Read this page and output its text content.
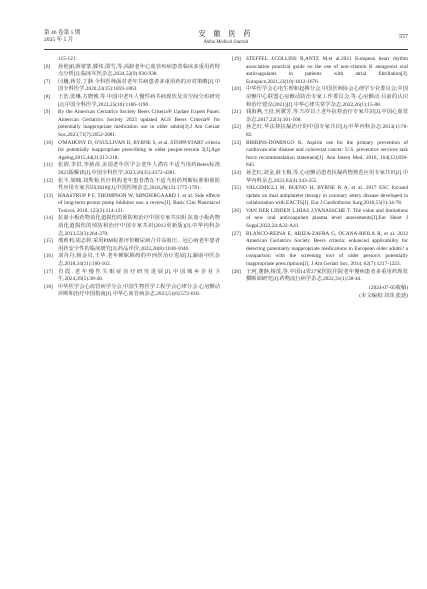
第 46 卷第 5 期
2025 年 5 月
安 徽 医 药
Anhui Medical Journal
557
115-121.
[6]	孙艳丽,薛蒙蒙,滕伟,邵雪,等.高龄老年心血管疾病患者临床多重用药特点分析[J].临床军医杂志,2024,52(9):936-938.
[7]	闫巍,蒋芳,丁静.全科医师面对老年共病患者多重用药的应对策略[J].中国全科医学,2020,23(15):1859-1863.
[8]	王浩,张琳,方晓雅,等.中国中老年人慢性病共病现状及其空间分布研究[J].中国全科医学,2022,25(10):1186-1190.
[9]	By the American Geriatrics Society Beers Criteria® Update Expert Panel. American Geriatrics Society 2023 updated AGS Beers Criteria® for potentially inappropriate medication use in older adults[J].J Am Geriatr Soc,2023,71(7):2052-2081.
[10] O'MAHONY D, O'SULLIVAN D, BYRNE S, et al. STOPP/START criteria for potentially inappropriate prescribing in older people:version 2[J].Age Ageing,2015,44(2):213-218.
[11]	张倩,李洪,李新苗,美国老年医学会老年人潜在不适当用药Beers标准2023版解读[J].中国全科医学,2023,26(35):4372-4381.
[12] 张平,梁楠,刘秀菊.医疗机构老年患者潜在不适当用药判断标准和预防性应用专家共识(2018)[J].中国医师杂志,2018,20(12):1775-1781.
[13] HAASTRUP P F, THOMPSON W, SØNDERGAARD J, et al. Side effects of long-term proton pump inhibitor use: a review[J]. Basic Clin Pharmacol Toxicol, 2018, 123(2):114-121.
[14] 抗血小板药物消化道损伤的预防和治疗中国专家共识组.抗血小板药物消化道损伤的预防和治疗中国专家共识(2012更新版)[J].中华内科杂志,2013,52(3):264-270.
[15] 邢莉莉,胡志婷.采用PIM标准评价糖尿病合并高血压、冠心病老年患者用药安全性的临床研究[J].药品评价,2023,20(8):1038-1040.
[16] 刘丹丹,杨金贝,王华.老年睡眠障碍的中西医治疗进展[J].湖南中医杂志,2018,34(11):160-162.
[17] 肖霞.老年慢性失眠症治疗研究进展[J].中国城乡企业卫生,2024,39(5):38-40.
[18] 中华医学会心血管病学分会,中国生物医学工程学会心律分会.心房颤动诊断和治疗中国指南[J].中华心血管病杂志,2023,51(6):572-618.
[19] STEFFEL J,COLLINS R,ANTZ M,et al.2021 European heart rhythm association practical guide on the use of non-vitamin K antagonist oral anticoagulants in patients with atrial fibrillation[J]. Europace,2021,23(10):1612-1676.
[20] 中华医学会心电生理和起搏分会,中国医师协会心律学专业委员会,中国房颤中心联盟心房颤动防治专家工作委员会,等.心房颤动:目前的认识和治疗建议(2021)[J].中华心律失常学杂志,2022,26(1):15-88.
[21] 钱海燕,王征,何翼芳,等.75岁以上老年抗栓治疗专家共识[J].中国心血管杂志,2017,22(3):161-168.
[22] 孙艺红.华法林抗凝治疗的中国专家共识[J].中华内科杂志,2013(1):76-82.
[23] BIBBINS-DOMINGO K. Aspirin use for the primary prevention of cardiovascular disease and colorectal cancer: U.S. preventive services task force recommendation statement[J]. Ann Intern Med, 2016, 164(12):836-845.
[24] 孙艺红,刘金,薛玉梅,等.心房颤动患者抗凝药物规范应用专家共识[J].中华内科杂志,2023,62(4):343-355.
[25] VALGIMIGLI M, BUENO H, BYRNE R A, et al. 2017 ESC focused update on dual antiplatelet therapy in coronary artery disease developed in collaboration with EACTS[J]. Eur J Cardiothorac Surg,2018,53(1):34-78.
[26] VAN DER LINDEN L,HIAS J,VANASSCHE T. The value and limitations of new oral anticoagulant plasma level assessments[J].Eur Heart J Suppl,2022,24:A32-A41.
[27] BLANCO-REINA E, ARIZA-ZAFRA G, OCANA-RIOLA R, et al. 2012 American Geriatrics Society Beers criteria: enhanced applicability for detecting potentially inappropriate medications in European older adults? a comparison with the screening tool of older person's potentially inappropriate prescriptions[J]. J Am Geriatr Soc, 2014, 62(7):1217-1223.
[28] 王珂,蹇静,杨茂,等.中国14省27家医院住院老年慢病患者多重用药现状横断面研究[J].药物流行病学杂志,2022,31(1):38-44.
(2024-07-05收稿)
(本文编校:刘菲,张迪)
